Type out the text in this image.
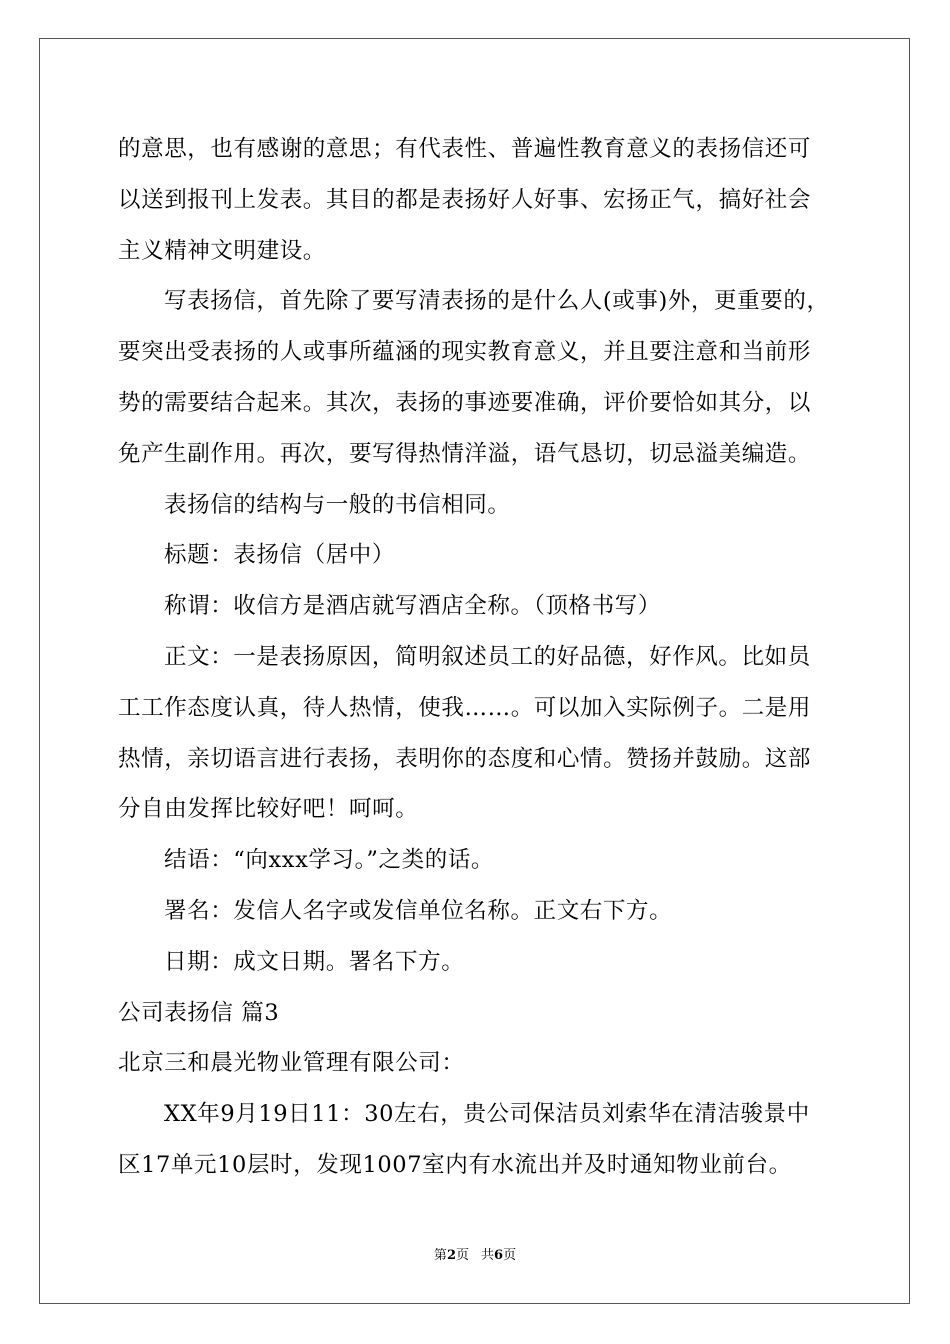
的意思，也有感谢的意思；有代表性、普遍性教育意义的表扬信还可
以送到报刊上发表。其目的都是表扬好人好事、宏扬正气，搞好社会
主义精神文明建设。
写表扬信，首先除了要写清表扬的是什么人(或事)外，更重要的，
要突出受表扬的人或事所蕴涵的现实教育意义，并且要注意和当前形
势的需要结合起来。其次，表扬的事迹要准确，评价要恰如其分，以
免产生副作用。再次，要写得热情洋溢，语气恳切，切忌溢美编造。
表扬信的结构与一般的书信相同。
标题：表扬信（居中）
称谓：收信方是酒店就写酒店全称。（顶格书写）
正文：一是表扬原因，简明叙述员工的好品德，好作风。比如员
工工作态度认真，待人热情，使我……。可以加入实际例子。二是用
热情，亲切语言进行表扬，表明你的态度和心情。赞扬并鼓励。这部
分自由发挥比较好吧！呵呵。
结语：“向xxx学习。”之类的话。
署名：发信人名字或发信单位名称。正文右下方。
日期：成文日期。署名下方。
公司表扬信 篇3
北京三和晨光物业管理有限公司：
XX年9月19日11：30左右，贵公司保洁员刘索华在清洁骏景中
区17单元10层时，发现1007室内有水流出并及时通知物业前台。
第2页 共6页
